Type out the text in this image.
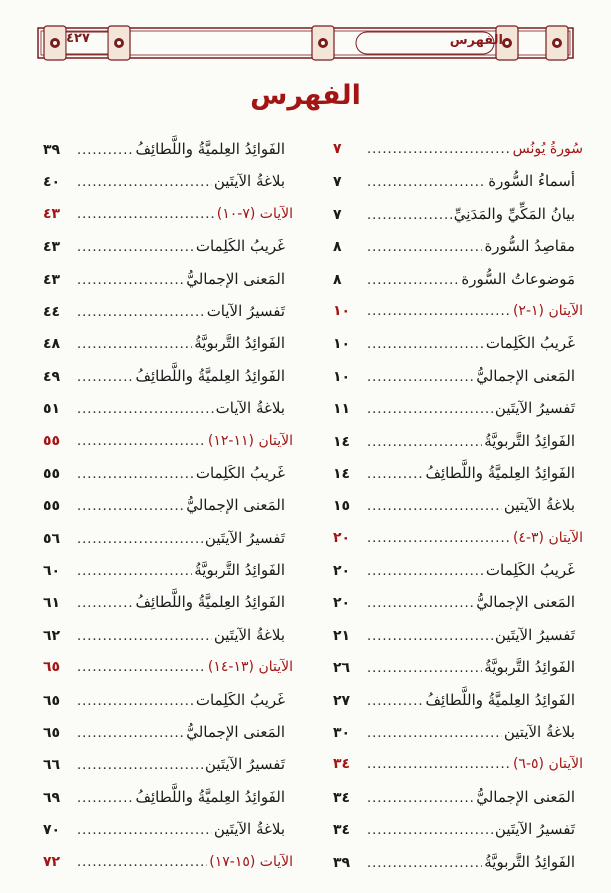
٤٢٧	الفهرس
الفهرس
سُورةُ يُونُس
.....
٧
أسماءُ السُّورة
.....
٧
بيانُ المَكِّيِّ والمَدَنِيِّ
.....
٧
مقاصِدُ السُّورة
.....
٨
مَوضوعاتُ السُّورة
.....
٨
الآيتان (١-٢)
.....
١٠
غَريبُ الكَلِمات
.....
١٠
المَعنى الإجماليُّ
.....
١٠
تَفسيرُ الآيتَين
.....
١١
الفَوائِدُ التَّربويَّةُ
.....
١٤
الفَوائِدُ العِلميَّةُ واللَّطائِفُ
.....
١٤
بلاغةُ الآيتين
.....
١٥
الآيتان (٣-٤)
.....
٢٠
غَريبُ الكَلِمات
.....
٢٠
المَعنى الإجماليُّ
.....
٢٠
تَفسيرُ الآيتَين
.....
٢١
الفَوائِدُ التَّربويَّةُ
.....
٢٦
الفَوائِدُ العِلميَّةُ واللَّطائِفُ
.....
٢٧
بلاغةُ الآيتين
.....
٣٠
الآيتان (٥-٦)
.....
٣٤
المَعنى الإجماليُّ
.....
٣٤
تَفسيرُ الآيتَين
.....
٣٤
الفَوائِدُ التَّربويَّةُ
.....
٣٩
الفَوائِدُ العِلميَّةُ واللَّطائِفُ
.....
٣٩
بلاغةُ الآيتَين
.....
٤٠
الآيات (٧-١٠)
.....
٤٣
غَريبُ الكَلِمات
.....
٤٣
المَعنى الإجماليُّ
.....
٤٣
تَفسيرُ الآيات
.....
٤٤
الفَوائِدُ التَّربويَّةُ
.....
٤٨
الفَوائِدُ العِلميَّةُ واللَّطائِفُ
.....
٤٩
بلاغةُ الآيات
.....
٥١
الآيتان (١١-١٢)
.....
٥٥
غَريبُ الكَلِمات
.....
٥٥
المَعنى الإجماليُّ
.....
٥٥
تَفسيرُ الآيتَين
.....
٥٦
الفَوائِدُ التَّربويَّةُ
.....
٦٠
الفَوائِدُ العِلميَّةُ واللَّطائِفُ
.....
٦١
بلاغةُ الآيتَين
.....
٦٢
الآيتان (١٣-١٤)
.....
٦٥
غَريبُ الكَلِمات
.....
٦٥
المَعنى الإجماليُّ
.....
٦٥
تَفسيرُ الآيتَين
.....
٦٦
الفَوائِدُ العِلميَّةُ واللَّطائِفُ
.....
٦٩
بلاغةُ الآيتَين
.....
٧٠
الآيات (١٥-١٧)
.....
٧٢
